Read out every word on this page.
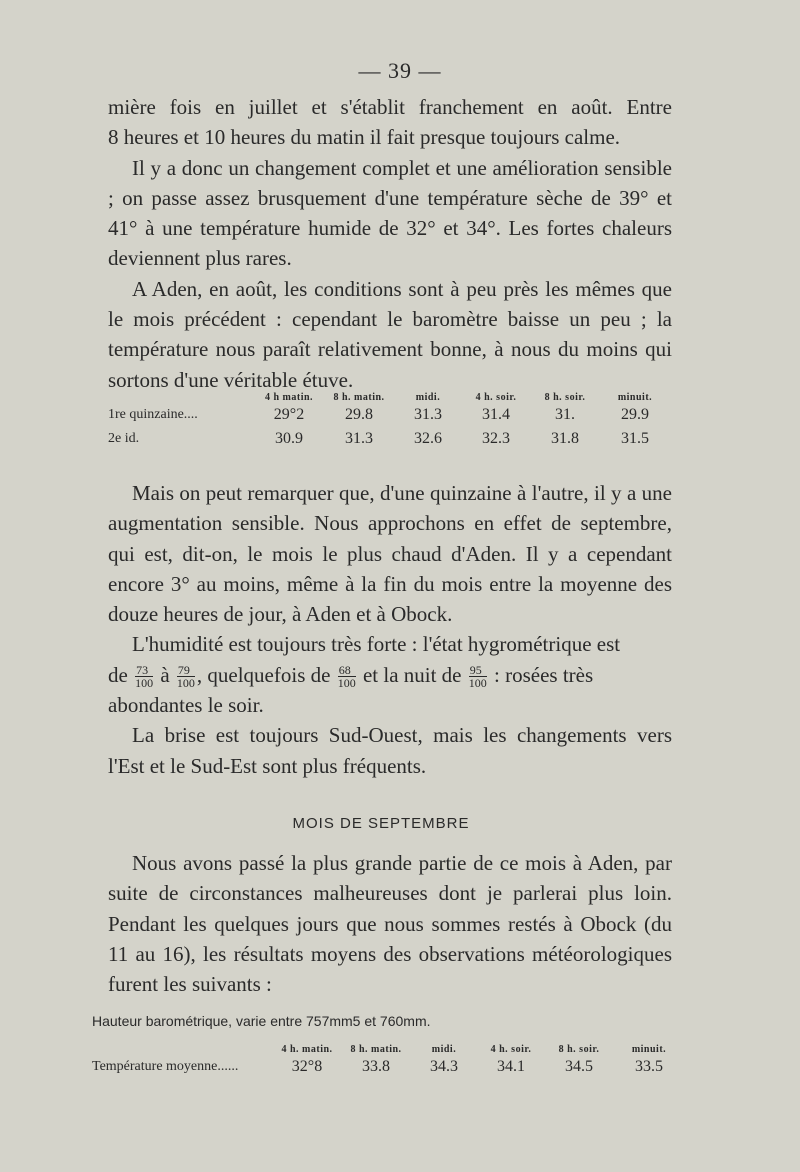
— 39 —
mière fois en juillet et s'établit franchement en août. Entre
8 heures et 10 heures du matin il fait presque toujours calme.

Il y a donc un changement complet et une amélioration sensible ; on passe assez brusquement d'une température sèche de 39° et 41° à une température humide de 32° et 34°. Les fortes chaleurs deviennent plus rares.

A Aden, en août, les conditions sont à peu près les mêmes que le mois précédent : cependant le baromètre baisse un peu ; la température nous paraît relativement bonne, à nous du moins qui sortons d'une véritable étuve.

	4 h matin.	8 h. matin.	midi.	4 h. soir.	8 h. soir.	minuit.
1re quinzaine....	29°2	29.8	31.3	31.4	31.	29.9
2e id.	30.9	31.3	32.6	32.3	31.8	31.5

Mais on peut remarquer que, d'une quinzaine à l'autre, il y a une augmentation sensible. Nous approchons en effet de septembre, qui est, dit-on, le mois le plus chaud d'Aden. Il y a cependant encore 3° au moins, même à la fin du mois entre la moyenne des douze heures de jour, à Aden et à Obock.

L'humidité est toujours très forte : l'état hygrométrique est
de $\frac{73}{100}$ à $\frac{79}{100}$ , quelquefois de $\frac{68}{100}$ et la nuit de $\frac{95}{100}$ : rosées très
abondantes le soir.

La brise est toujours Sud-Ouest, mais les changements vers l'Est et le Sud-Est sont plus fréquents.

MOIS DE SEPTEMBRE

Nous avons passé la plus grande partie de ce mois à Aden, par suite de circonstances malheureuses dont je parlerai plus loin. Pendant les quelques jours que nous sommes restés à Obock (du 11 au 16), les résultats moyens des observations météorologiques furent les suivants :

Hauteur barométrique, varie entre 757mm5 et 760mm.
	4 h. matin.	8 h. matin.	midi.	4 h. soir.	8 h. soir.	minuit.
Température moyenne......	32°8	33.8	34.3	34.1	34.5	33.5
